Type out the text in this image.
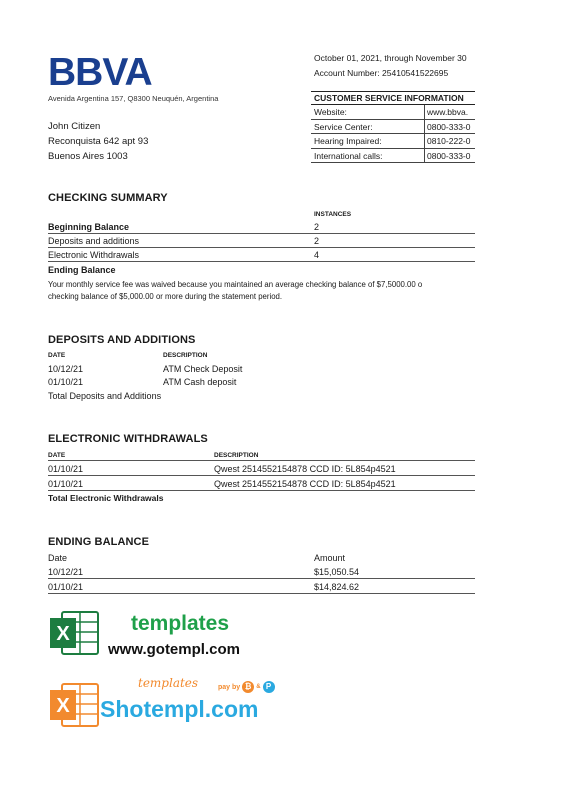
BBVA
Avenida Argentina 157, Q8300 Neuquén, Argentina
John Citizen
Reconquista 642 apt 93
Buenos Aires 1003
October 01, 2021, through November 30
Account Number: 25410541522695
CUSTOMER SERVICE INFORMATION
Website:	www.bbva.
Service Center:	0800-333-0
Hearing Impaired:	0810-222-0
International calls:	0800-333-0
CHECKING SUMMARY
INSTANCES
Beginning Balance	2
Deposits and additions	2
Electronic Withdrawals	4
Ending Balance
Your monthly service fee was waived because you maintained an average checking balance of $7,5000.00 o
checking balance of $5,000.00 or more during the statement period.
DEPOSITS AND ADDITIONS
DATE	DESCRIPTION
10/12/21	ATM Check Deposit
01/10/21	ATM Cash deposit
Total Deposits and Additions
ELECTRONIC WITHDRAWALS
DATE	DESCRIPTION
01/10/21	Qwest 2514552154878 CCD ID: 5L854p4521
01/10/21	Qwest 2514552154878 CCD ID: 5L854p4521
Total Electronic Withdrawals
ENDING BALANCE
Date	Amount
10/12/21	$15,050.54
01/10/21	$14,824.62
X	templates
www.gotempl.com
X
templates	pay by ₿ & P
Shotempl.com
